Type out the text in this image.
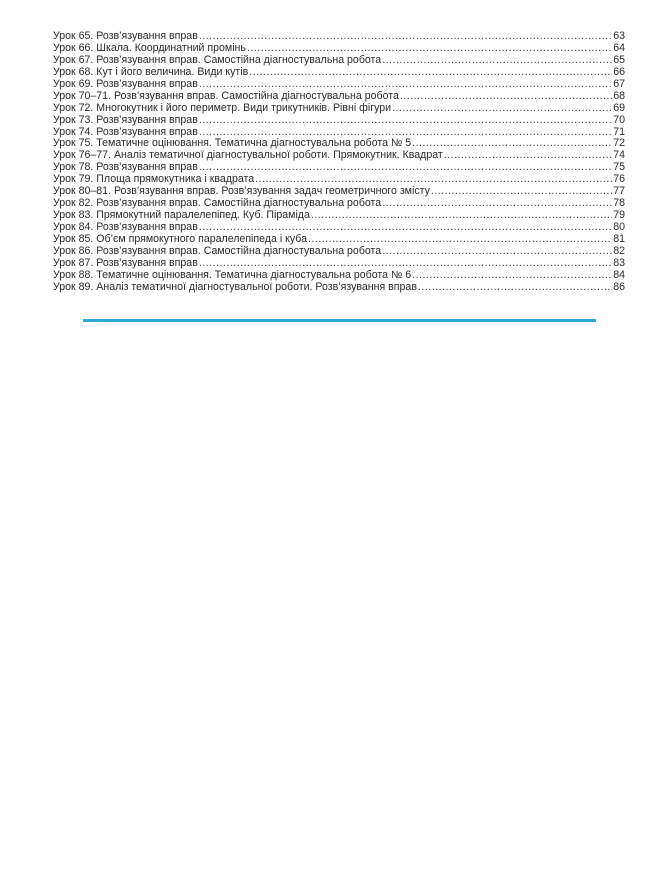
Урок 65. Розв’язування вправ .....	63
Урок 66. Шкала. Координатний промінь .....	64
Урок 67. Розв’язування вправ. Самостійна діагностувальна робота .....	65
Урок 68. Кут і його величина. Види кутів .....	66
Урок 69. Розв’язування вправ .....	67
Урок 70–71. Розв’язування вправ. Самостійна діагностувальна робота .....	68
Урок 72. Многокутник і його периметр. Види трикутників. Рівні фігури .....	69
Урок 73. Розв’язування вправ .....	70
Урок 74. Розв’язування вправ .....	71
Урок 75. Тематичне оцінювання. Тематична діагностувальна робота № 5 .....	72
Урок 76–77. Аналіз тематичної діагностувальної роботи. Прямокутник. Квадрат .....	74
Урок 78. Розв’язування вправ .....	75
Урок 79. Площа прямокутника і квадрата .....	76
Урок 80–81. Розв’язування вправ. Розв’язування задач геометричного змісту .....	77
Урок 82. Розв’язування вправ. Самостійна діагностувальна робота .....	78
Урок 83. Прямокутний паралелепіпед. Куб. Піраміда .....	79
Урок 84. Розв’язування вправ .....	80
Урок 85. Об’єм прямокутного паралелепіпеда і куба .....	81
Урок 86. Розв’язування вправ. Самостійна діагностувальна робота .....	82
Урок 87. Розв’язування вправ .....	83
Урок 88. Тематичне оцінювання. Тематична діагностувальна робота № 6 .....	84
Урок 89. Аналіз тематичної діагностувальної роботи. Розв’язування вправ .....	86
